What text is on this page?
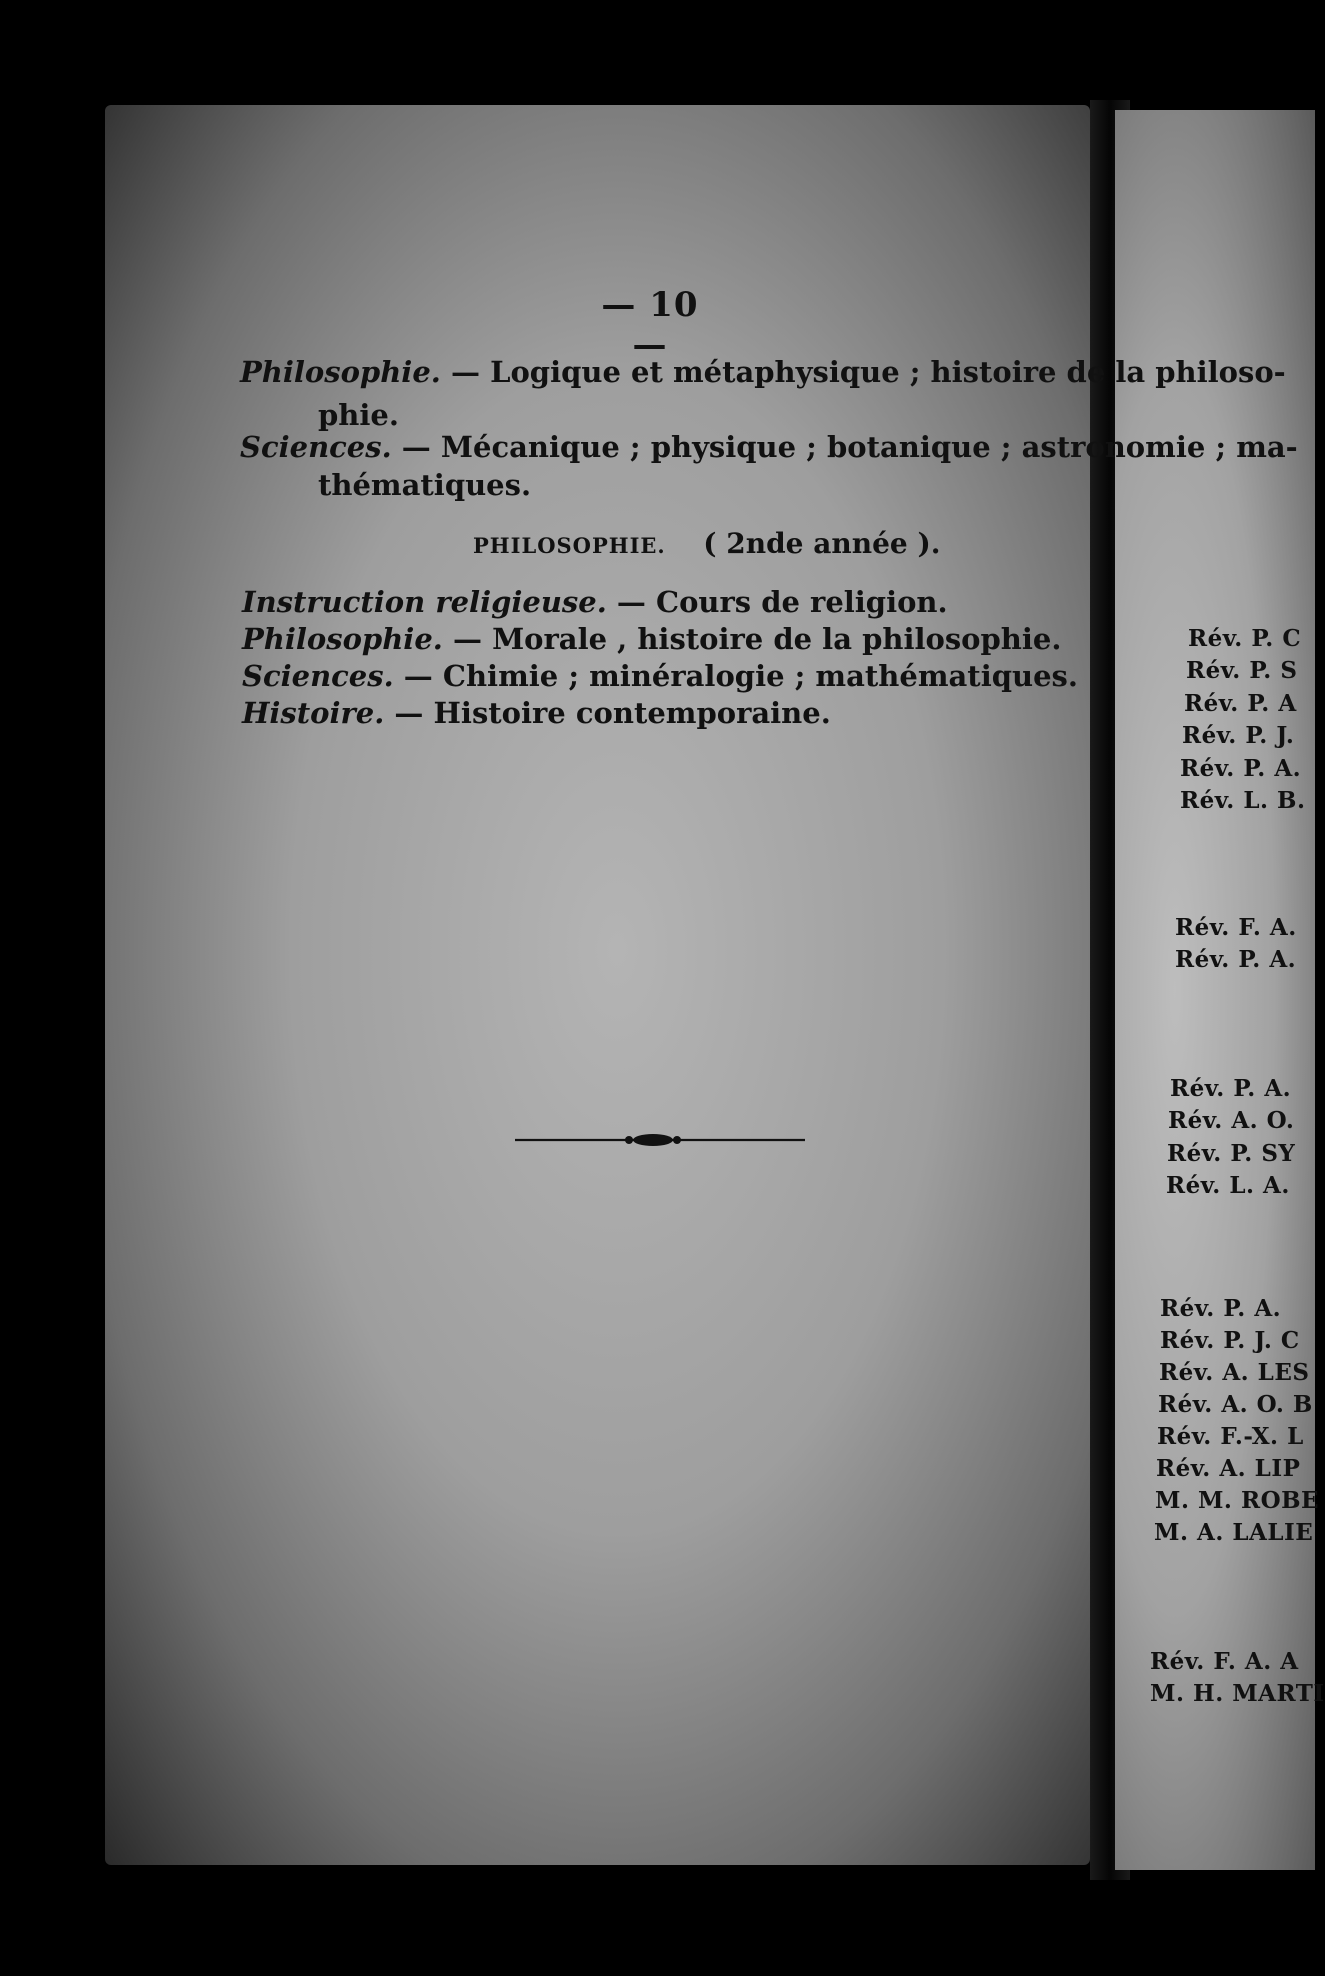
— 10 —
Philosophie. — Logique et métaphysique ; histoire de la philoso-
phie.
Sciences. — Mécanique ; physique ; botanique ; astronomie ; ma-
thématiques.
PHILOSOPHIE. ( 2nde année ).
Instruction religieuse. — Cours de religion.
Philosophie. — Morale , histoire de la philosophie.
Sciences. — Chimie ; minéralogie ; mathématiques.
Histoire. — Histoire contemporaine.
Rév. P. C
Rév. P. S
Rév. P. A
Rév. P. J.
Rév. P. A.
Rév. L. B.
Rév. F. A.
Rév. P. A.
Rév. P. A.
Rév. A. O.
Rév. P. SY
Rév. L. A.
Rév. P. A.
Rév. P. J. C
Rév. A. LES
Rév. A. O. B
Rév. F.-X. L
Rév. A. LIP
M. M. ROBE
M. A. LALIE
Rév. F. A. A
M. H. MARTI
